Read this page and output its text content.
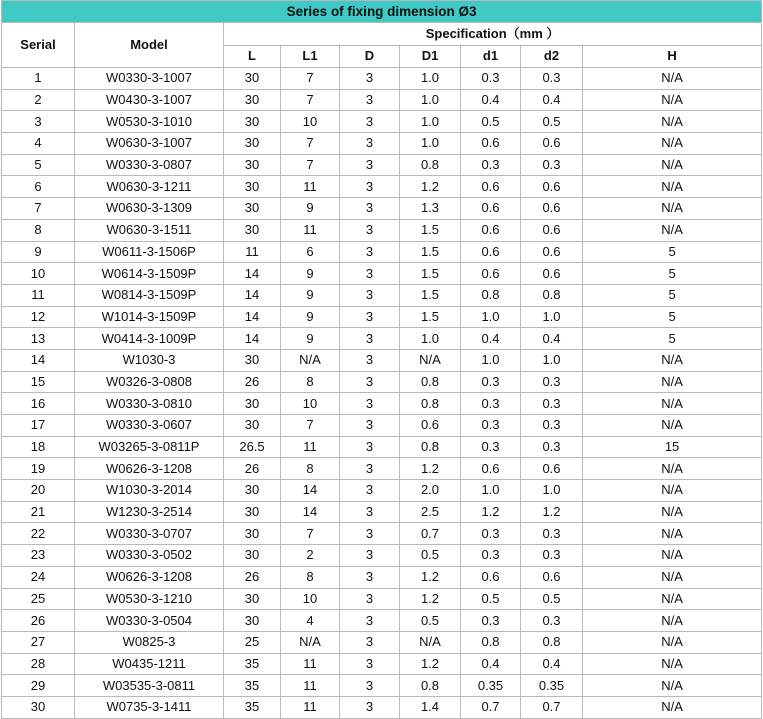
Series of fixing dimension Ø3								
Serial	Model	Specification（mm ）						
		L	L1	D	D1	d1	d2	H
1	W0330-3-1007	30	7	3	1.0	0.3	0.3	N/A
2	W0430-3-1007	30	7	3	1.0	0.4	0.4	N/A
3	W0530-3-1010	30	10	3	1.0	0.5	0.5	N/A
4	W0630-3-1007	30	7	3	1.0	0.6	0.6	N/A
5	W0330-3-0807	30	7	3	0.8	0.3	0.3	N/A
6	W0630-3-1211	30	11	3	1.2	0.6	0.6	N/A
7	W0630-3-1309	30	9	3	1.3	0.6	0.6	N/A
8	W0630-3-1511	30	11	3	1.5	0.6	0.6	N/A
9	W0611-3-1506P	11	6	3	1.5	0.6	0.6	5
10	W0614-3-1509P	14	9	3	1.5	0.6	0.6	5
11	W0814-3-1509P	14	9	3	1.5	0.8	0.8	5
12	W1014-3-1509P	14	9	3	1.5	1.0	1.0	5
13	W0414-3-1009P	14	9	3	1.0	0.4	0.4	5
14	W1030-3	30	N/A	3	N/A	1.0	1.0	N/A
15	W0326-3-0808	26	8	3	0.8	0.3	0.3	N/A
16	W0330-3-0810	30	10	3	0.8	0.3	0.3	N/A
17	W0330-3-0607	30	7	3	0.6	0.3	0.3	N/A
18	W03265-3-0811P	26.5	11	3	0.8	0.3	0.3	15
19	W0626-3-1208	26	8	3	1.2	0.6	0.6	N/A
20	W1030-3-2014	30	14	3	2.0	1.0	1.0	N/A
21	W1230-3-2514	30	14	3	2.5	1.2	1.2	N/A
22	W0330-3-0707	30	7	3	0.7	0.3	0.3	N/A
23	W0330-3-0502	30	2	3	0.5	0.3	0.3	N/A
24	W0626-3-1208	26	8	3	1.2	0.6	0.6	N/A
25	W0530-3-1210	30	10	3	1.2	0.5	0.5	N/A
26	W0330-3-0504	30	4	3	0.5	0.3	0.3	N/A
27	W0825-3	25	N/A	3	N/A	0.8	0.8	N/A
28	W0435-1211	35	11	3	1.2	0.4	0.4	N/A
29	W03535-3-0811	35	11	3	0.8	0.35	0.35	N/A
30	W0735-3-1411	35	11	3	1.4	0.7	0.7	N/A
